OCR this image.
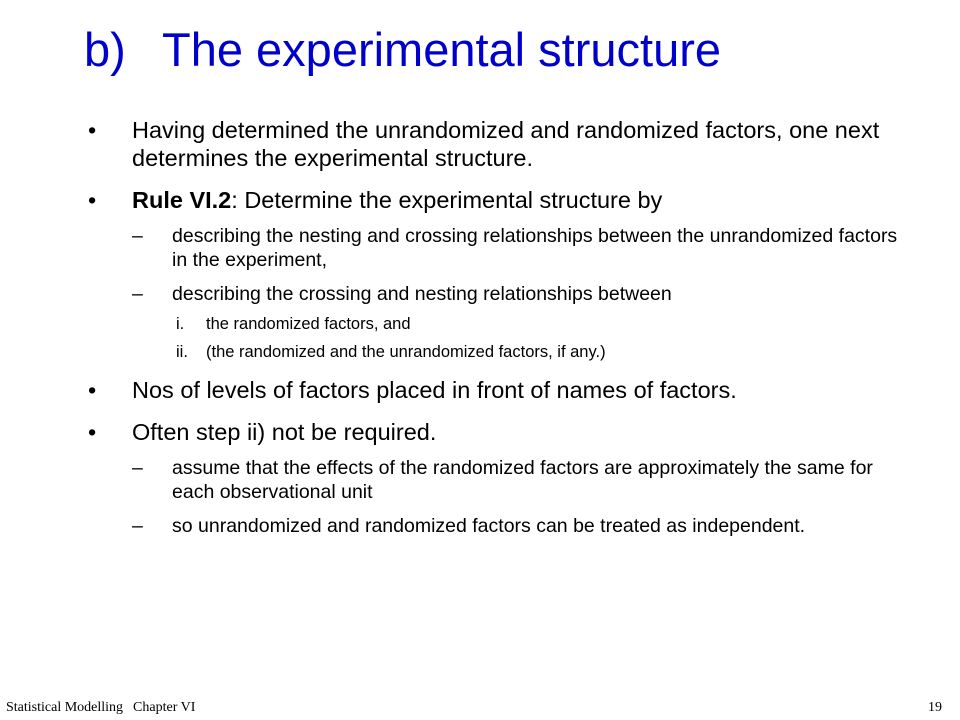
b) The experimental structure
• Having determined the unrandomized and randomized factors, one next determines the experimental structure.
• Rule VI.2: Determine the experimental structure by
– describing the nesting and crossing relationships between the unrandomized factors in the experiment,
– describing the crossing and nesting relationships between
i. the randomized factors, and
ii. (the randomized and the unrandomized factors, if any.)
• Nos of levels of factors placed in front of names of factors.
• Often step ii) not be required.
– assume that the effects of the randomized factors are approximately the same for each observational unit
– so unrandomized and randomized factors can be treated as independent.
Statistical Modelling Chapter VI	19
